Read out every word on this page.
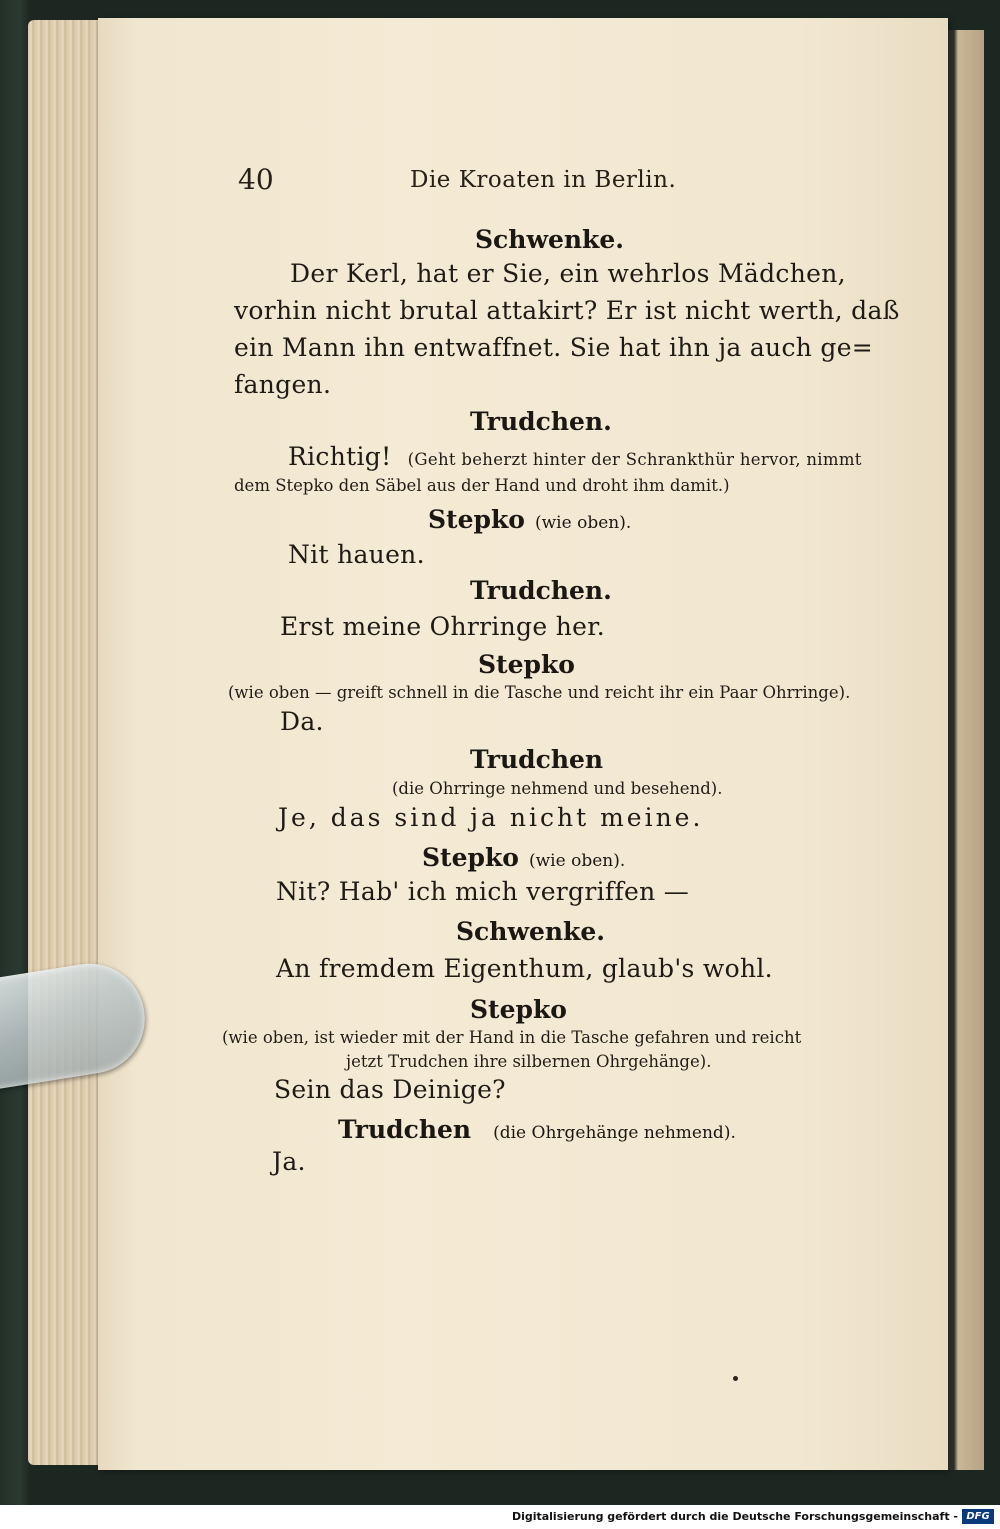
40	Die Kroaten in Berlin.
Schwenke.
Der Kerl, hat er Sie, ein wehrlos Mädchen,
vorhin nicht brutal attakirt? Er ist nicht werth, daß
ein Mann ihn entwaffnet. Sie hat ihn ja auch ge=
fangen.
Trudchen.
Richtig! (Geht beherzt hinter der Schrankthür hervor, nimmt
dem Stepko den Säbel aus der Hand und droht ihm damit.)
Stepko (wie oben).
Nit hauen.
Trudchen.
Erst meine Ohrringe her.
Stepko
(wie oben — greift schnell in die Tasche und reicht ihr ein Paar Ohrringe).
Da.
Trudchen
(die Ohrringe nehmend und besehend).
Je, das sind ja nicht meine.
Stepko (wie oben).
Nit? Hab' ich mich vergriffen —
Schwenke.
An fremdem Eigenthum, glaub's wohl.
Stepko
(wie oben, ist wieder mit der Hand in die Tasche gefahren und reicht
jetzt Trudchen ihre silbernen Ohrgehänge).
Sein das Deinige?
Trudchen (die Ohrgehänge nehmend).
Ja.
Digitalisierung gefördert durch die Deutsche Forschungsgemeinschaft - DFG
